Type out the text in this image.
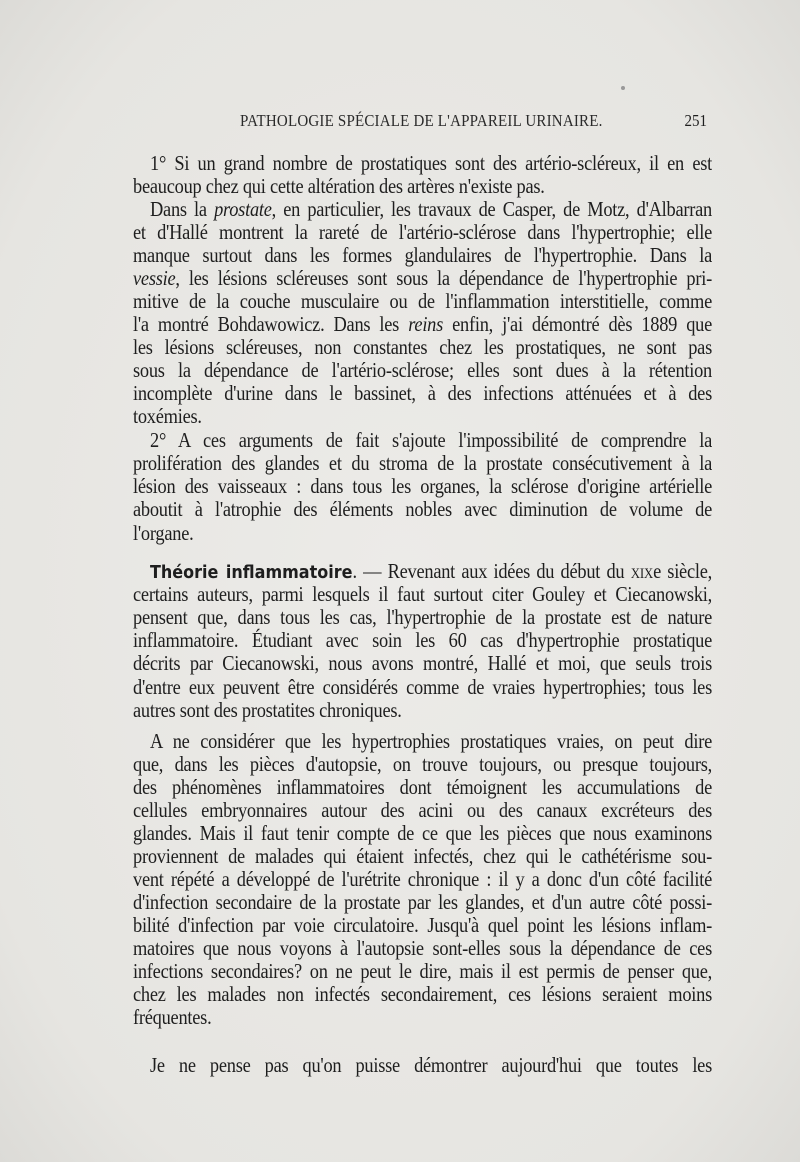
PATHOLOGIE SPÉCIALE DE L'APPAREIL URINAIRE.	251
1° Si un grand nombre de prostatiques sont des artério-scléreux, il en est
beaucoup chez qui cette altération des artères n'existe pas.
Dans la prostate, en particulier, les travaux de Casper, de Motz, d'Albarran
et d'Hallé montrent la rareté de l'artério-sclérose dans l'hypertrophie; elle
manque surtout dans les formes glandulaires de l'hypertrophie. Dans la
vessie, les lésions scléreuses sont sous la dépendance de l'hypertrophie pri-
mitive de la couche musculaire ou de l'inflammation interstitielle, comme
l'a montré Bohdawowicz. Dans les reins enfin, j'ai démontré dès 1889 que
les lésions scléreuses, non constantes chez les prostatiques, ne sont pas
sous la dépendance de l'artério-sclérose; elles sont dues à la rétention
incomplète d'urine dans le bassinet, à des infections atténuées et à des
toxémies.
2° A ces arguments de fait s'ajoute l'impossibilité de comprendre la
prolifération des glandes et du stroma de la prostate consécutivement à la
lésion des vaisseaux : dans tous les organes, la sclérose d'origine artérielle
aboutit à l'atrophie des éléments nobles avec diminution de volume de
l'organe.
Théorie inflammatoire. — Revenant aux idées du début du XIXe siècle,
certains auteurs, parmi lesquels il faut surtout citer Gouley et Ciecanowski,
pensent que, dans tous les cas, l'hypertrophie de la prostate est de nature
inflammatoire. Étudiant avec soin les 60 cas d'hypertrophie prostatique
décrits par Ciecanowski, nous avons montré, Hallé et moi, que seuls trois
d'entre eux peuvent être considérés comme de vraies hypertrophies; tous les
autres sont des prostatites chroniques.
A ne considérer que les hypertrophies prostatiques vraies, on peut dire
que, dans les pièces d'autopsie, on trouve toujours, ou presque toujours,
des phénomènes inflammatoires dont témoignent les accumulations de
cellules embryonnaires autour des acini ou des canaux excréteurs des
glandes. Mais il faut tenir compte de ce que les pièces que nous examinons
proviennent de malades qui étaient infectés, chez qui le cathétérisme sou-
vent répété a développé de l'urétrite chronique : il y a donc d'un côté facilité
d'infection secondaire de la prostate par les glandes, et d'un autre côté possi-
bilité d'infection par voie circulatoire. Jusqu'à quel point les lésions inflam-
matoires que nous voyons à l'autopsie sont-elles sous la dépendance de ces
infections secondaires? on ne peut le dire, mais il est permis de penser que,
chez les malades non infectés secondairement, ces lésions seraient moins
fréquentes.
Je ne pense pas qu'on puisse démontrer aujourd'hui que toutes les
